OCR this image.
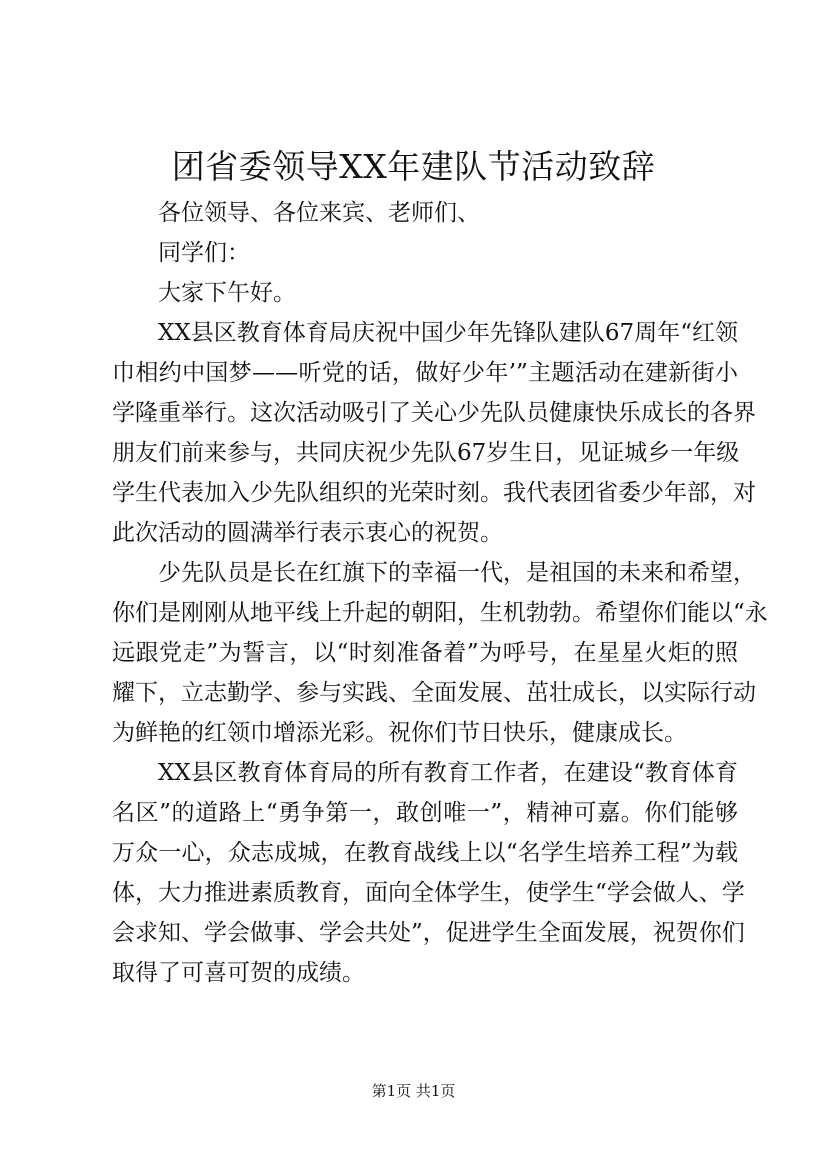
团省委领导XX年建队节活动致辞

各位领导、各位来宾、老师们、

同学们：

大家下午好。

XX县区教育体育局庆祝中国少年先锋队建队67周年“红领

巾相约中国梦——听党的话，做好少年’”主题活动在建新街小

学隆重举行。这次活动吸引了关心少先队员健康快乐成长的各界

朋友们前来参与，共同庆祝少先队67岁生日，见证城乡一年级

学生代表加入少先队组织的光荣时刻。我代表团省委少年部，对

此次活动的圆满举行表示衷心的祝贺。

少先队员是长在红旗下的幸福一代，是祖国的未来和希望，

你们是刚刚从地平线上升起的朝阳，生机勃勃。希望你们能以“永

远跟党走”为誓言，以“时刻准备着”为呼号，在星星火炬的照

耀下，立志勤学、参与实践、全面发展、茁壮成长，以实际行动

为鲜艳的红领巾增添光彩。祝你们节日快乐，健康成长。

XX县区教育体育局的所有教育工作者，在建设“教育体育

名区”的道路上“勇争第一，敢创唯一”，精神可嘉。你们能够

万众一心，众志成城，在教育战线上以“名学生培养工程”为载

体，大力推进素质教育，面向全体学生，使学生“学会做人、学

会求知、学会做事、学会共处”，促进学生全面发展，祝贺你们

取得了可喜可贺的成绩。

第1页 共1页
